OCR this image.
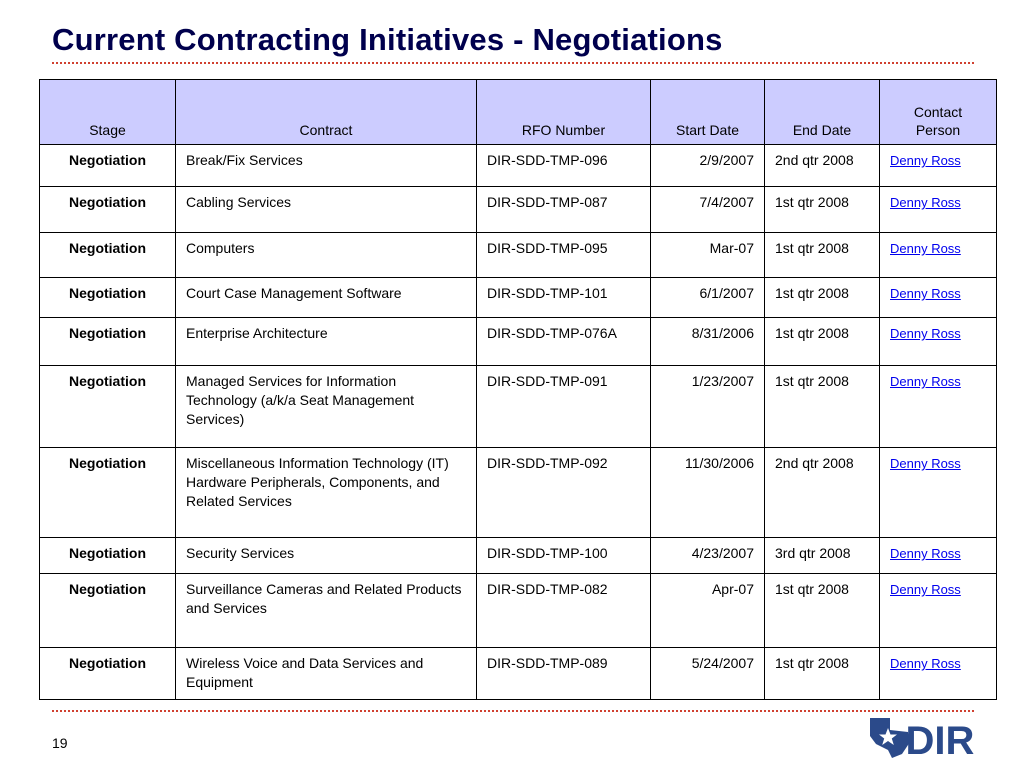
Current Contracting Initiatives - Negotiations
Stage	Contract	RFO Number	Start Date	End Date	Contact Person
Negotiation	Break/Fix Services	DIR-SDD-TMP-096	2/9/2007	2nd qtr 2008	Denny Ross
Negotiation	Cabling Services	DIR-SDD-TMP-087	7/4/2007	1st qtr 2008	Denny Ross
Negotiation	Computers	DIR-SDD-TMP-095	Mar-07	1st qtr 2008	Denny Ross
Negotiation	Court Case Management Software	DIR-SDD-TMP-101	6/1/2007	1st qtr 2008	Denny Ross
Negotiation	Enterprise Architecture	DIR-SDD-TMP-076A	8/31/2006	1st qtr 2008	Denny Ross
Negotiation	Managed Services for Information Technology (a/k/a Seat Management Services)	DIR-SDD-TMP-091	1/23/2007	1st qtr 2008	Denny Ross
Negotiation	Miscellaneous Information Technology (IT) Hardware Peripherals, Components, and Related Services	DIR-SDD-TMP-092	11/30/2006	2nd qtr 2008	Denny Ross
Negotiation	Security Services	DIR-SDD-TMP-100	4/23/2007	3rd qtr 2008	Denny Ross
Negotiation	Surveillance Cameras and Related Products and Services	DIR-SDD-TMP-082	Apr-07	1st qtr 2008	Denny Ross
Negotiation	Wireless Voice and Data Services and Equipment	DIR-SDD-TMP-089	5/24/2007	1st qtr 2008	Denny Ross
19	DIR
